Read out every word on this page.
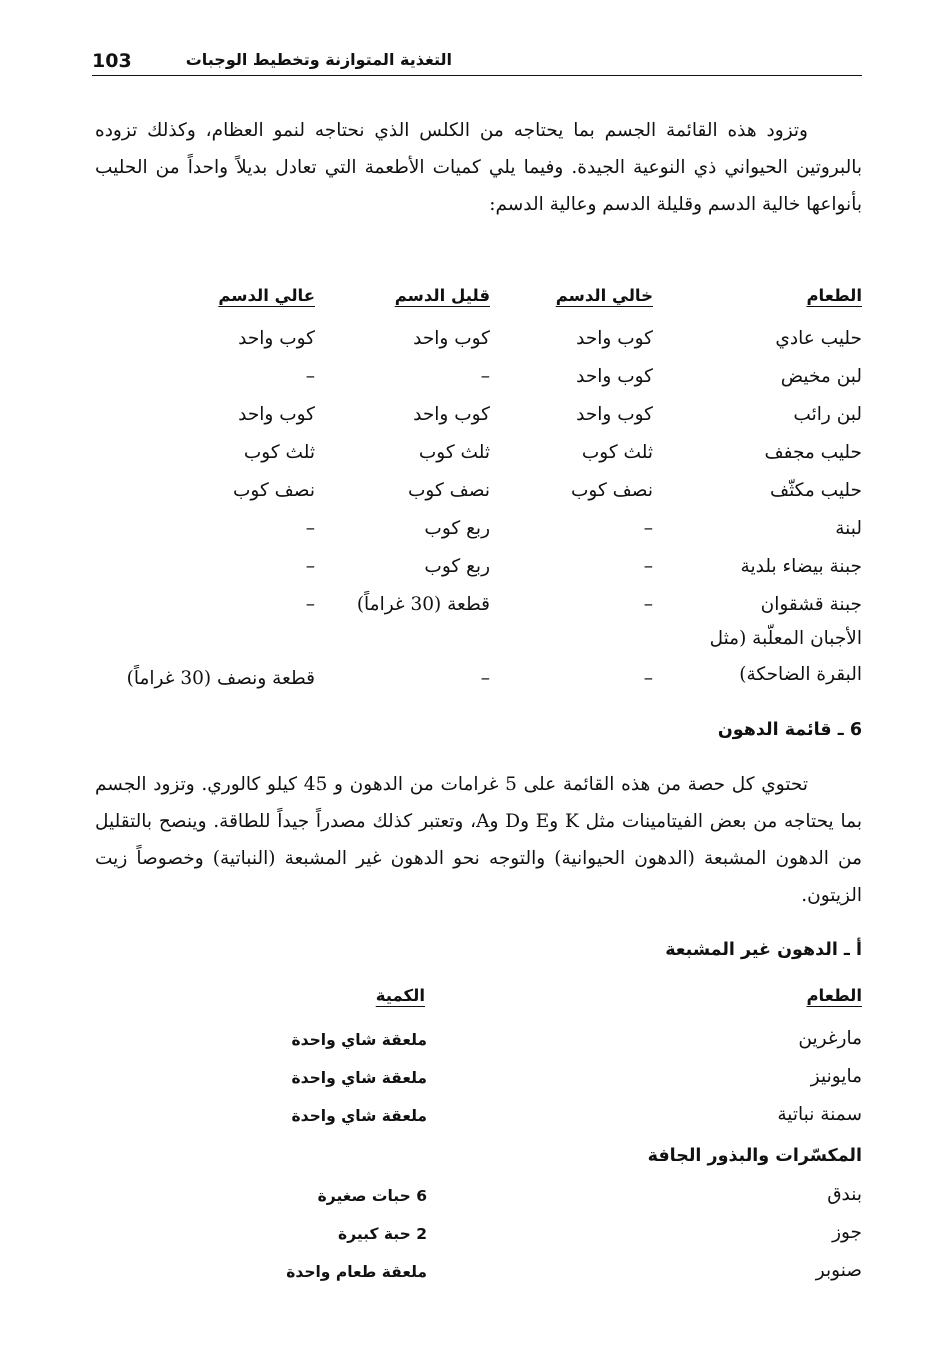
103	التغذية المتوازنة وتخطيط الوجبات

وتزود هذه القائمة الجسم بما يحتاجه من الكلس الذي نحتاجه لنمو العظام، وكذلك تزوده بالبروتين الحيواني ذي النوعية الجيدة. وفيما يلي كميات الأطعمة التي تعادل بديلاً واحداً من الحليب بأنواعها خالية الدسم وقليلة الدسم وعالية الدسم:

الطعام
خالي الدسم
قليل الدسم
عالي الدسم
حليب عادي
كوب واحد
كوب واحد
كوب واحد
لبن مخيض
كوب واحد
–
–
لبن رائب
كوب واحد
كوب واحد
كوب واحد
حليب مجفف
ثلث كوب
ثلث كوب
ثلث كوب
حليب مكثّف
نصف كوب
نصف كوب
نصف كوب
لبنة
–
ربع كوب
–
جبنة بيضاء بلدية
–
ربع كوب
–
جبنة قشقوان
–
قطعة (30 غراماً)
–
الأجبان المعلّبة (مثل
البقرة الضاحكة)
–
–
قطعة ونصف (30 غراماً)
6 ـ قائمة الدهون

تحتوي كل حصة من هذه القائمة على 5 غرامات من الدهون و 45 كيلو كالوري. وتزود الجسم بما يحتاجه من بعض الفيتامينات مثل K وE وD وA، وتعتبر كذلك مصدراً جيداً للطاقة. وينصح بالتقليل من الدهون المشبعة (الدهون الحيوانية) والتوجه نحو الدهون غير المشبعة (النباتية) وخصوصاً زيت الزيتون.

أ ـ الدهون غير المشبعة
الطعام
الكمية
مارغرين
ملعقة شاي واحدة
مايونيز
ملعقة شاي واحدة
سمنة نباتية
ملعقة شاي واحدة
المكسّرات والبذور الجافة
بندق
6 حبات صغيرة
جوز
2 حبة كبيرة
صنوبر
ملعقة طعام واحدة
